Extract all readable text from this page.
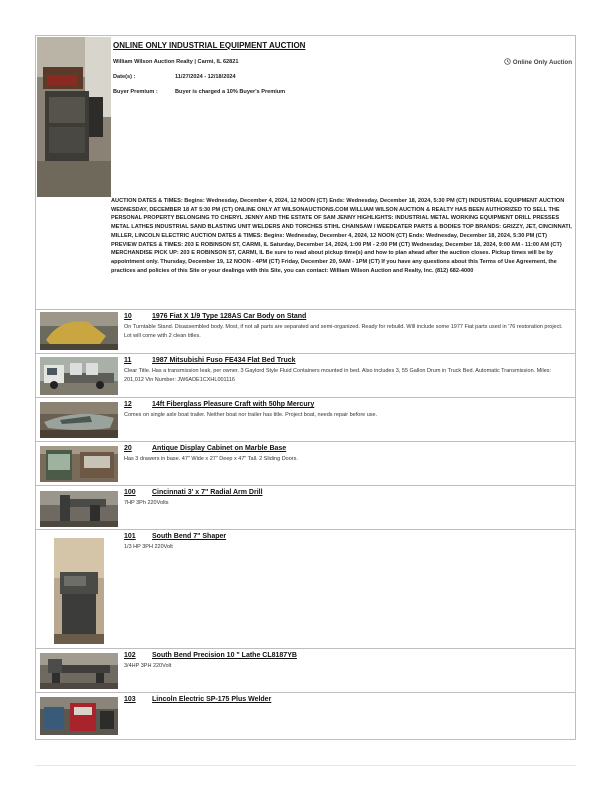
ONLINE ONLY INDUSTRIAL EQUIPMENT AUCTION
William Wilson Auction Realty | Carmi, IL 62821	Online Only Auction
Date(s) :	11/27/2024 - 12/18/2024
Buyer Premium :	Buyer is charged a 10% Buyer's Premium
AUCTION DATES & TIMES: Begins: Wednesday, December 4, 2024, 12 NOON (CT) Ends: Wednesday, December 18, 2024, 5:30 PM (CT) INDUSTRIAL EQUIPMENT AUCTION WEDNESDAY, DECEMBER 18 AT 5:30 PM (CT) ONLINE ONLY AT WILSONAUCTIONS.COM WILLIAM WILSON AUCTION & REALTY HAS BEEN AUTHORIZED TO SELL THE PERSONAL PROPERTY BELONGING TO CHERYL JENNY AND THE ESTATE OF SAM JENNY HIGHLIGHTS: INDUSTRIAL METAL WORKING EQUIPMENT DRILL PRESSES METAL LATHES INDUSTRIAL SAND BLASTING UNIT WELDERS AND TORCHES STIHL CHAINSAW / WEEDEATER PARTS & BODIES TOP BRANDS: GRIZZY, JET, CINCINNATI, MILLER, LINCOLN ELECTRIC AUCTION DATES & TIMES: Begins: Wednesday, December 4, 2024, 12 NOON (CT) Ends: Wednesday, December 18, 2024, 5:30 PM (CT) PREVIEW DATES & TIMES: 203 E ROBINSON ST, CARMI, IL Saturday, December 14, 2024, 1:00 PM - 2:00 PM (CT) Wednesday, December 18, 2024, 9:00 AM - 11:00 AM (CT) MERCHANDISE PICK UP: 203 E ROBINSON ST, CARMI, IL Be sure to read about pickup time(s) and how to plan ahead after the auction closes. Pickup times will be by appointment only. Thursday, December 19, 12 NOON - 4PM (CT) Friday, December 20, 9AM - 1PM (CT) If you have any questions about this Terms of Use Agreement, the practices and policies of this Site or your dealings with this Site, you can contact: William Wilson Auction and Realty, Inc. (812) 682-4000
10	1976 Fiat X 1/9 Type 128AS Car Body on Stand
On Turntable Stand. Disassembled body. Most, if not all parts are separated and semi-organized. Ready for rebuild. Will include some 1977 Fiat parts used in '76 restoration project. Lot will come with 2 clean titles.
11	1987 Mitsubishi Fuso FE434 Flat Bed Truck
Clear Title. Has a transmission leak, per owner. 3 Gaylord Style Fluid Containers mounted in bed. Also includes 3, 55 Gallon Drum in Truck Bed. Automatic Transmission. Miles: 201,012 Vin Number: JW6ADE1CXHL001116
12	14ft Fiberglass Pleasure Craft with 50hp Mercury
Comes on single axle boat trailer. Neither boat nor trailer has title. Project boat, needs repair before use.
20	Antique Display Cabinet on Marble Base
Has 3 drawers in base. 47" Wide x 27" Deep x 47" Tall. 2 Sliding Doors.
100 Cincinnati 3' x 7" Radial Arm Drill
7HP 3Ph 220Volts
101 South Bend 7" Shaper
1/3 HP 3PH 220Volt
102 South Bend Precision 10 " Lathe CL8187YB
3/4HP 3PH 220Volt
103 Lincoln Electric SP-175 Plus Welder
